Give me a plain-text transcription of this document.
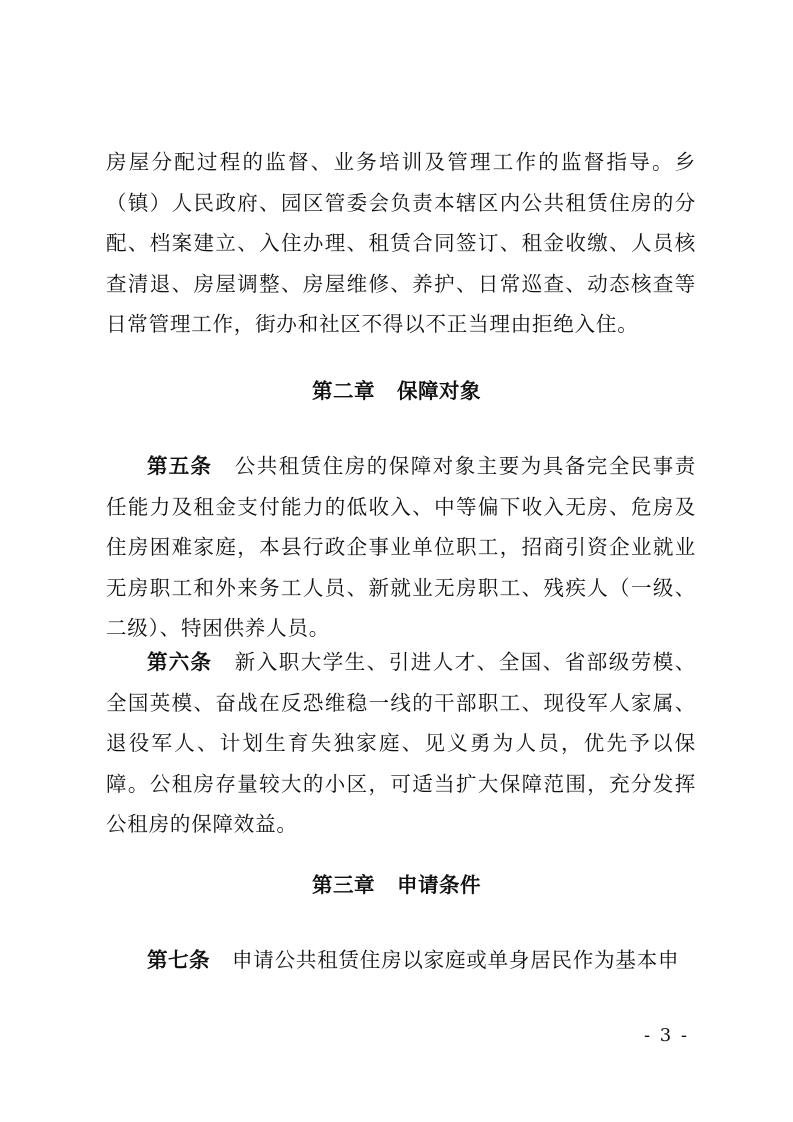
房屋分配过程的监督、业务培训及管理工作的监督指导。乡（镇）人民政府、园区管委会负责本辖区内公共租赁住房的分配、档案建立、入住办理、租赁合同签订、租金收缴、人员核查清退、房屋调整、房屋维修、养护、日常巡查、动态核查等日常管理工作，街办和社区不得以不正当理由拒绝入住。

第二章 保障对象

第五条 公共租赁住房的保障对象主要为具备完全民事责任能力及租金支付能力的低收入、中等偏下收入无房、危房及住房困难家庭，本县行政企事业单位职工，招商引资企业就业无房职工和外来务工人员、新就业无房职工、残疾人（一级、二级）、特困供养人员。

第六条 新入职大学生、引进人才、全国、省部级劳模、全国英模、奋战在反恐维稳一线的干部职工、现役军人家属、退役军人、计划生育失独家庭、见义勇为人员，优先予以保障。公租房存量较大的小区，可适当扩大保障范围，充分发挥公租房的保障效益。

第三章 申请条件

第七条 申请公共租赁住房以家庭或单身居民作为基本申

- 3 -
